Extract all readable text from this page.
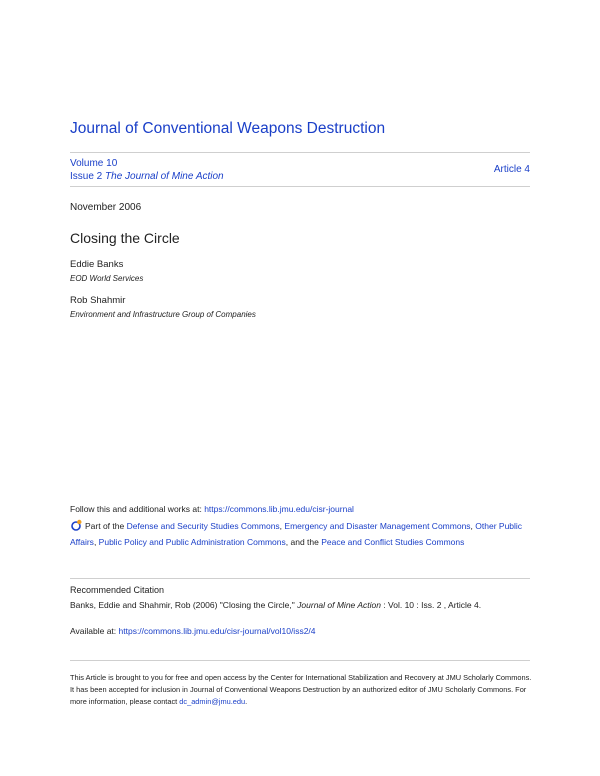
Journal of Conventional Weapons Destruction
Volume 10
Issue 2 The Journal of Mine Action
Article 4
November 2006
Closing the Circle
Eddie Banks
EOD World Services
Rob Shahmir
Environment and Infrastructure Group of Companies
Follow this and additional works at: https://commons.lib.jmu.edu/cisr-journal
Part of the Defense and Security Studies Commons, Emergency and Disaster Management Commons, Other Public Affairs, Public Policy and Public Administration Commons, and the Peace and Conflict Studies Commons
Recommended Citation
Banks, Eddie and Shahmir, Rob (2006) "Closing the Circle," Journal of Mine Action : Vol. 10 : Iss. 2 , Article 4.
Available at: https://commons.lib.jmu.edu/cisr-journal/vol10/iss2/4
This Article is brought to you for free and open access by the Center for International Stabilization and Recovery at JMU Scholarly Commons. It has been accepted for inclusion in Journal of Conventional Weapons Destruction by an authorized editor of JMU Scholarly Commons. For more information, please contact dc_admin@jmu.edu.
